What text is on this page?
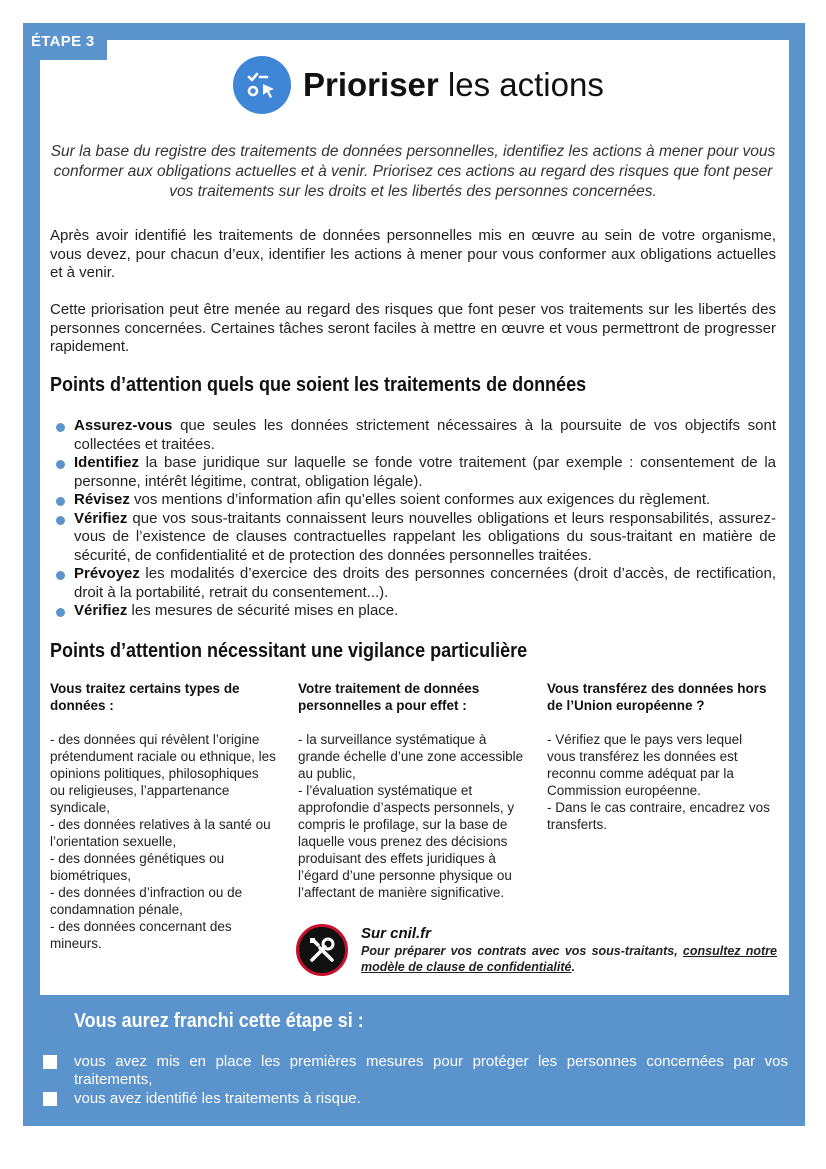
ÉTAPE 3
Prioriser les actions
Sur la base du registre des traitements de données personnelles, identifiez les actions à mener pour vous conformer aux obligations actuelles et à venir. Priorisez ces actions au regard des risques que font peser vos traitements sur les droits et les libertés des personnes concernées.
Après avoir identifié les traitements de données personnelles mis en œuvre au sein de votre organisme, vous devez, pour chacun d’eux, identifier les actions à mener pour vous conformer aux obligations actuelles et à venir.
Cette priorisation peut être menée au regard des risques que font peser vos traitements sur les libertés des personnes concernées. Certaines tâches seront faciles à mettre en œuvre et vous permettront de progresser rapidement.
Points d’attention quels que soient les traitements de données
Assurez-vous que seules les données strictement nécessaires à la poursuite de vos objectifs sont collectées et traitées.
Identifiez la base juridique sur laquelle se fonde votre traitement (par exemple : consentement de la personne, intérêt légitime, contrat, obligation légale).
Révisez vos mentions d’information afin qu’elles soient conformes aux exigences du règlement.
Vérifiez que vos sous-traitants connaissent leurs nouvelles obligations et leurs responsabilités, assurez-vous de l’existence de clauses contractuelles rappelant les obligations du sous-traitant en matière de sécurité, de confidentialité et de protection des données personnelles traitées.
Prévoyez les modalités d’exercice des droits des personnes concernées (droit d’accès, de rectification, droit à la portabilité, retrait du consentement...).
Vérifiez les mesures de sécurité mises en place.
Points d’attention nécessitant une vigilance particulière
Vous traitez certains types de données :
- des données qui révèlent l’origine prétendument raciale ou ethnique, les opinions politiques, philosophiques ou religieuses, l’appartenance syndicale,
- des données relatives à la santé ou l’orientation sexuelle,
- des données génétiques ou biométriques,
- des données d’infraction ou de condamnation pénale,
- des données concernant des mineurs.
Votre traitement de données personnelles a pour effet :
- la surveillance systématique à grande échelle d’une zone accessible au public,
- l’évaluation systématique et approfondie d’aspects personnels, y compris le profilage, sur la base de laquelle vous prenez des décisions produisant des effets juridiques à l’égard d’une personne physique ou l’affectant de manière significative.
Vous transférez des données hors de l’Union européenne ?
- Vérifiez que le pays vers lequel vous transférez les données est reconnu comme adéquat par la Commission européenne.
- Dans le cas contraire, encadrez vos transferts.
Sur cnil.fr
Pour préparer vos contrats avec vos sous-traitants, consultez notre modèle de clause de confidentialité.
Vous aurez franchi cette étape si :
vous avez mis en place les premières mesures pour protéger les personnes concernées par vos traitements,
vous avez identifié les traitements à risque.
